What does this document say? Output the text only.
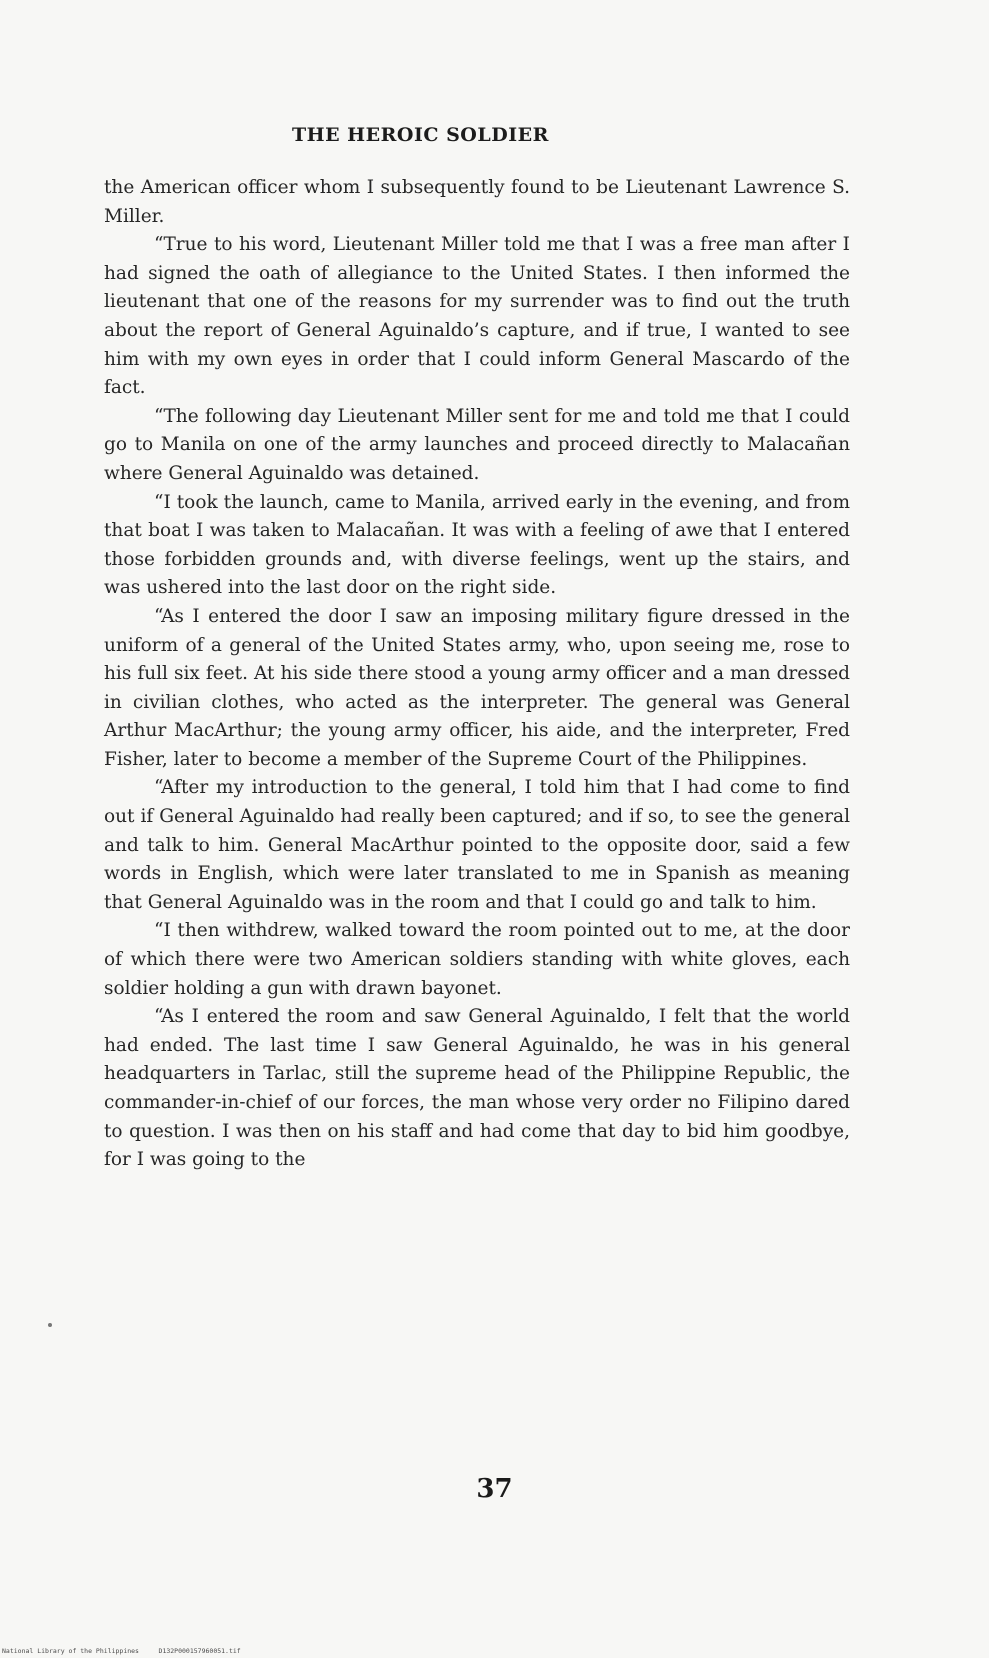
THE HEROIC SOLDIER

the American officer whom I subsequently found to be Lieutenant Lawrence S. Miller.

“True to his word, Lieutenant Miller told me that I was a free man after I had signed the oath of allegiance to the United States. I then informed the lieutenant that one of the reasons for my surrender was to find out the truth about the report of General Aguinaldo’s capture, and if true, I wanted to see him with my own eyes in order that I could inform General Mascardo of the fact.

“The following day Lieutenant Miller sent for me and told me that I could go to Manila on one of the army launches and proceed directly to Malacañan where General Aguinaldo was detained.

“I took the launch, came to Manila, arrived early in the evening, and from that boat I was taken to Malacañan. It was with a feeling of awe that I entered those forbidden grounds and, with diverse feelings, went up the stairs, and was ushered into the last door on the right side.

“As I entered the door I saw an imposing military figure dressed in the uniform of a general of the United States army, who, upon seeing me, rose to his full six feet. At his side there stood a young army officer and a man dressed in civilian clothes, who acted as the interpreter. The general was General Arthur MacArthur; the young army officer, his aide, and the interpreter, Fred Fisher, later to become a member of the Supreme Court of the Philippines.

“After my introduction to the general, I told him that I had come to find out if General Aguinaldo had really been captured; and if so, to see the general and talk to him. General MacArthur pointed to the opposite door, said a few words in English, which were later translated to me in Spanish as meaning that General Aguinaldo was in the room and that I could go and talk to him.

“I then withdrew, walked toward the room pointed out to me, at the door of which there were two American soldiers standing with white gloves, each soldier holding a gun with drawn bayonet.

“As I entered the room and saw General Aguinaldo, I felt that the world had ended. The last time I saw General Aguinaldo, he was in his general headquarters in Tarlac, still the supreme head of the Philippine Republic, the commander-in-chief of our forces, the man whose very order no Filipino dared to question. I was then on his staff and had come that day to bid him goodbye, for I was going to the

37
National Library of the Philippines     D132P000157960051.tif
